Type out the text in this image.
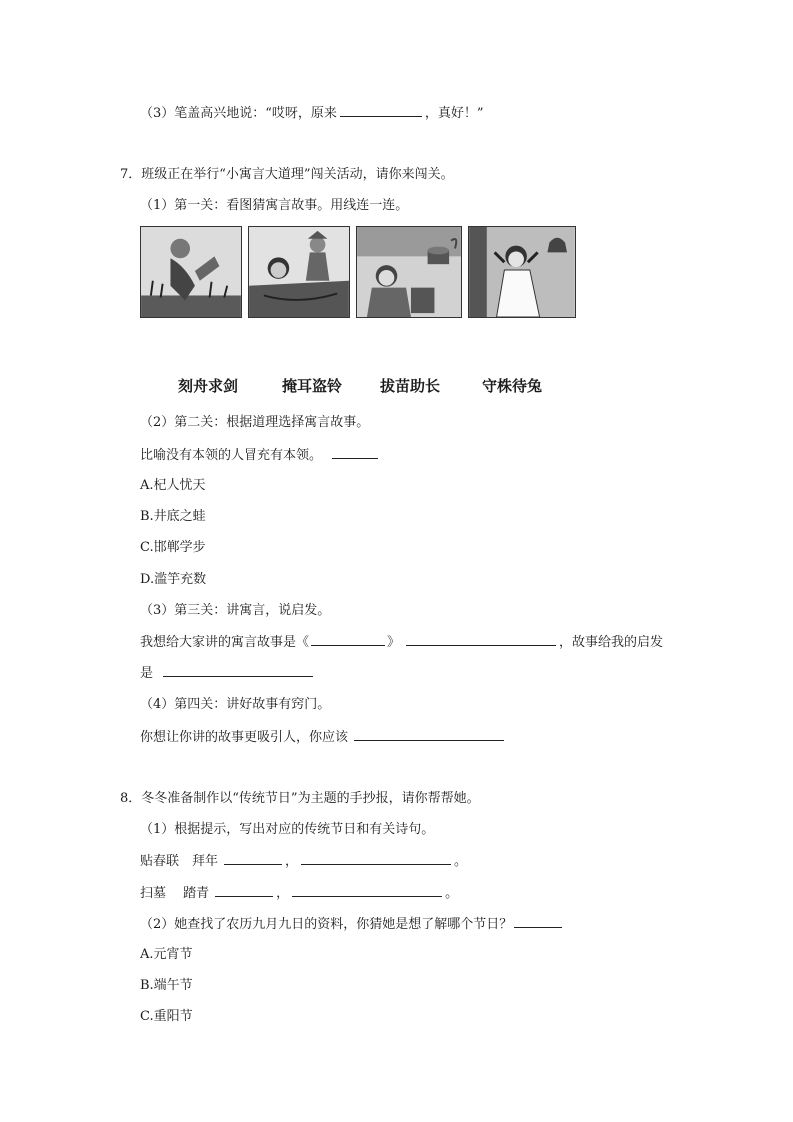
（3）笔盖高兴地说：“哎呀，原来	，真好！”
7．班级正在举行“小寓言大道理”闯关活动，请你来闯关。
（1）第一关：看图猜寓言故事。用线连一连。
刻舟求剑	掩耳盗铃	拔苗助长	守株待兔
（2）第二关：根据道理选择寓言故事。
比喻没有本领的人冒充有本领。
A.杞人忧天
B.井底之蛙
C.邯郸学步
D.滥竽充数
（3）第三关：讲寓言，说启发。
我想给大家讲的寓言故事是《	》	，故事给我的启发
是
（4）第四关：讲好故事有窍门。
你想让你讲的故事更吸引人，你应该
8．冬冬准备制作以“传统节日”为主题的手抄报，请你帮帮她。
（1）根据提示，写出对应的传统节日和有关诗句。
贴春联　拜年	，	。
扫墓　 踏青	，	。
（2）她查找了农历九月九日的资料，你猜她是想了解哪个节日？
A.元宵节
B.端午节
C.重阳节
